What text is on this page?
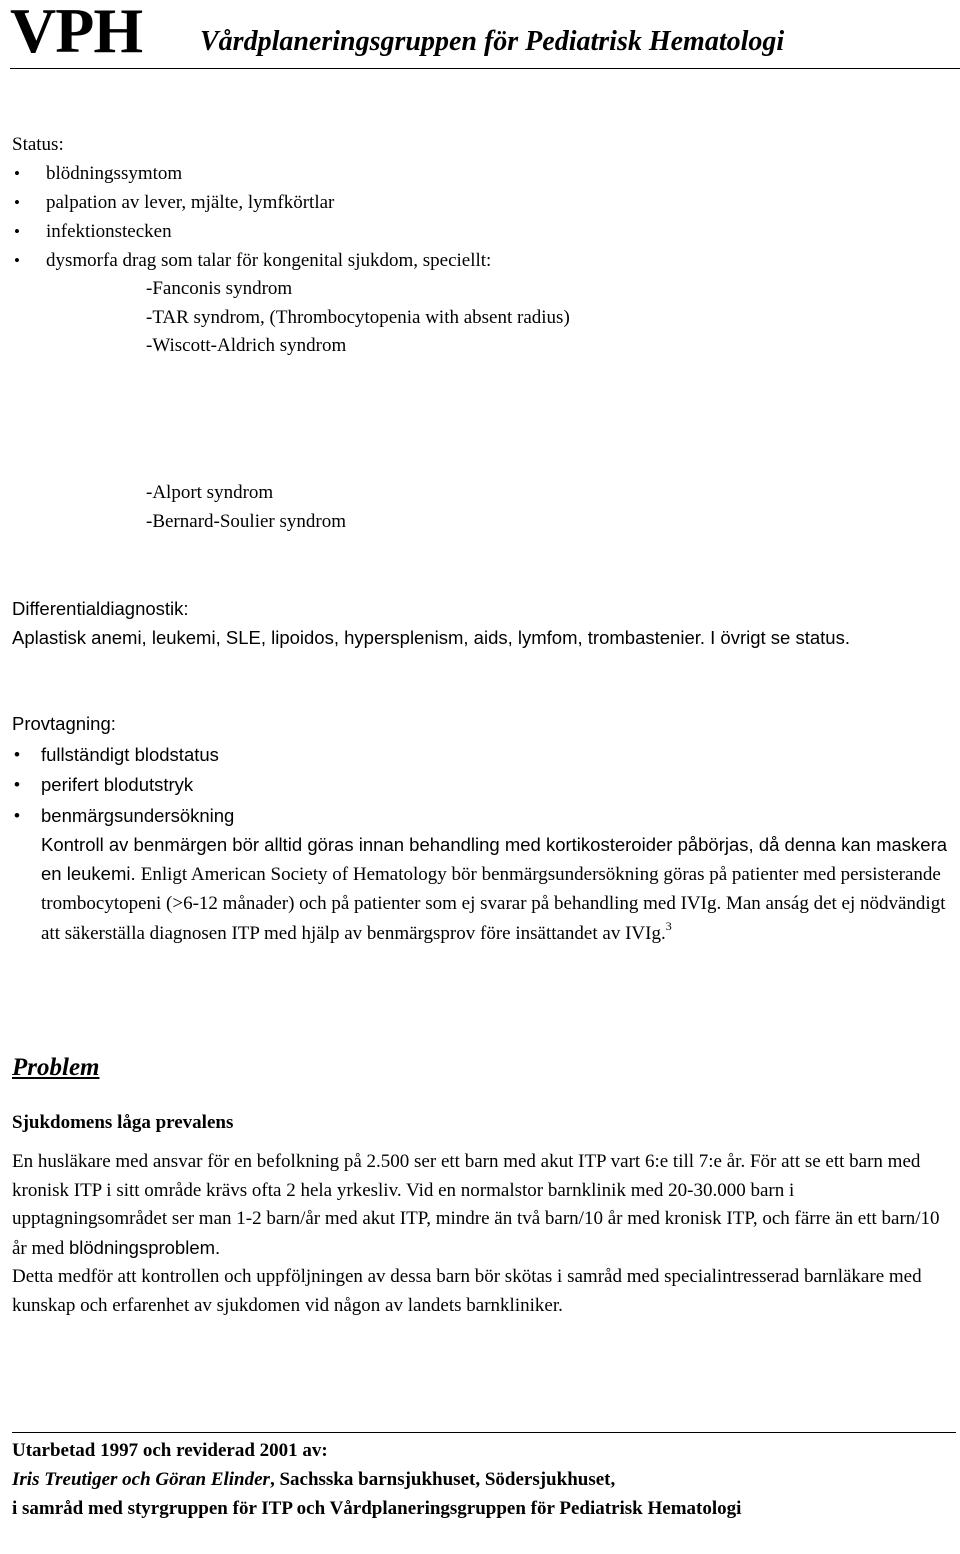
VPH Vårdplaneringsgruppen för Pediatrisk Hematologi
Status:
• blödningssymtom
• palpation av lever, mjälte, lymfkörtlar
• infektionstecken
• dysmorfa drag som talar för kongenital sjukdom, speciellt:
-Fanconis syndrom
-TAR syndrom, (Thrombocytopenia with absent radius)
-Wiscott-Aldrich syndrom
-Alport syndrom
-Bernard-Soulier syndrom
Differentialdiagnostik:
Aplastisk anemi, leukemi, SLE, lipoidos, hypersplenism, aids, lymfom, trombastenier. I övrigt se status.
Provtagning:
• fullständigt blodstatus
• perifert blodutstryk
• benmärgsundersökning
Kontroll av benmärgen bör alltid göras innan behandling med kortikosteroider påbörjas, då denna kan maskera en leukemi. Enligt American Society of Hematology bör benmärgsundersökning göras på patienter med persisterande trombocytopeni (>6-12 månader) och på patienter som ej svarar på behandling med IVIg. Man anság det ej nödvändigt att säkerställa diagnosen ITP med hjälp av benmärgsprov före insättandet av IVIg.$^3$
Problem
Sjukdomens låga prevalens
En husläkare med ansvar för en befolkning på 2.500 ser ett barn med akut ITP vart 6:e till 7:e år. För att se ett barn med kronisk ITP i sitt område krävs ofta 2 hela yrkesliv. Vid en normalstor barnklinik med 20-30.000 barn i upptagningsområdet ser man 1-2 barn/år med akut ITP, mindre än två barn/10 år med kronisk ITP, och färre än ett barn/10 år med blödningsproblem.
Detta medför att kontrollen och uppföljningen av dessa barn bör skötas i samråd med specialintresserad barnläkare med kunskap och erfarenhet av sjukdomen vid någon av landets barnkliniker.
Utarbetad 1997 och reviderad 2001 av:
Iris Treutiger och Göran Elinder, Sachsska barnsjukhuset, Södersjukhuset,
i samråd med styrgruppen för ITP och Vårdplaneringsgruppen för Pediatrisk Hematologi
